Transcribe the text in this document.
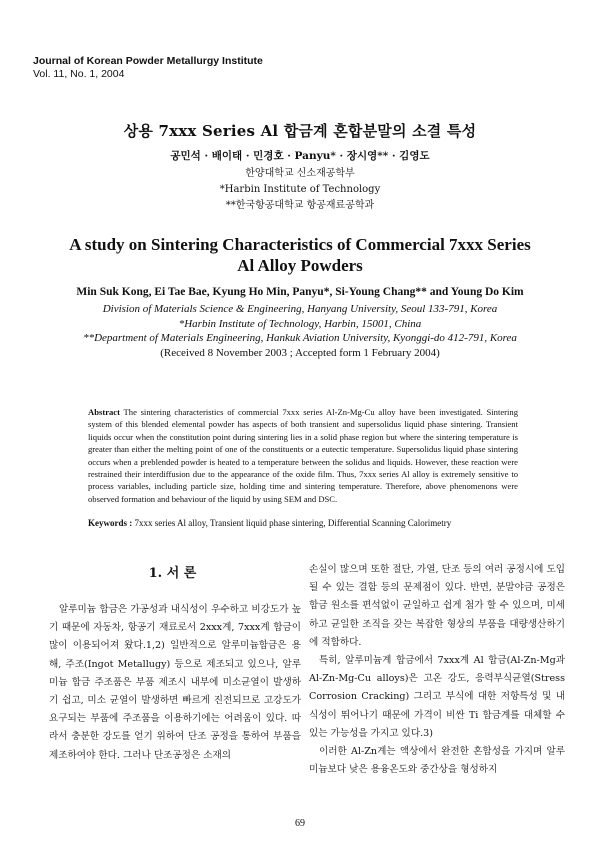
Journal of Korean Powder Metallurgy Institute
Vol. 11, No. 1, 2004
상용 7xxx Series Al 합금계 혼합분말의 소결 특성
공민석 · 배이태 · 민경호 · Panyu* · 장시영** · 김영도
한양대학교 신소재공학부
*Harbin Institute of Technology
**한국항공대학교 항공재료공학과
A study on Sintering Characteristics of Commercial 7xxx Series
Al Alloy Powders
Min Suk Kong, Ei Tae Bae, Kyung Ho Min, Panyu*, Si-Young Chang** and Young Do Kim
Division of Materials Science & Engineering, Hanyang University, Seoul 133-791, Korea
*Harbin Institute of Technology, Harbin, 15001, China
**Department of Materials Engineering, Hankuk Aviation University, Kyonggi-do 412-791, Korea
(Received 8 November 2003 ; Accepted form 1 February 2004)
Abstract The sintering characteristics of commercial 7xxx series Al-Zn-Mg-Cu alloy have been investigated. Sintering system of this blended elemental powder has aspects of both transient and supersolidus liquid phase sintering. Transient liquids occur when the constitution point during sintering lies in a solid phase region but where the sintering temperature is greater than either the melting point of one of the constituents or a eutectic temperature. Supersolidus liquid phase sintering occurs when a preblended powder is heated to a temperature between the solidus and liquids. However, these reaction were restrained their interdiffusion due to the appearance of the oxide film. Thus, 7xxx series Al alloy is extremely sensitive to process variables, including particle size, holding time and sintering temperature. Therefore, above phenomenons were observed formation and behaviour of the liquid by using SEM and DSC.
Keywords : 7xxx series Al alloy, Transient liquid phase sintering, Differential Scanning Calorimetry
1. 서 론

알루미늄 합금은 가공성과 내식성이 우수하고 비강도가 높기 때문에 자동차, 항공기 재료로서 2xxx계, 7xxx계 합금이 많이 이용되어져 왔다.1,2) 일반적으로 알루미늄합금은 용해, 주조(Ingot Metallugy) 등으로 제조되고 있으나, 알루미늄 합금 주조품은 부품 제조시 내부에 미소균열이 발생하기 쉽고, 미소 균열이 발생하면 빠르게 진전되므로 고강도가 요구되는 부품에 주조품을 이용하기에는 어려움이 있다. 따라서 충분한 강도를 얻기 위하여 단조 공정을 통하여 부품을 제조하여야 한다. 그러나 단조공정은 소재의

손실이 많으며 또한 절단, 가열, 단조 등의 여러 공정시에 도입될 수 있는 결함 등의 문제점이 있다. 반면, 분말야금 공정은 합금 원소를 편석없이 균일하고 쉽게 첨가 할 수 있으며, 미세하고 균일한 조직을 갖는 복잡한 형상의 부품을 대량생산하기에 적합하다.

특히, 알루미늄계 합금에서 7xxx계 Al 합금(Al-Zn-Mg과 Al-Zn-Mg-Cu alloys)은 고온 강도, 응력부식균열(Stress Corrosion Cracking) 그리고 부식에 대한 저항특성 및 내식성이 뛰어나기 때문에 가격이 비싼 Ti 합금계를 대체할 수 있는 가능성을 가지고 있다.3)

이러한 Al-Zn계는 액상에서 완전한 혼합성을 가지며 알루미늄보다 낮은 용융온도와 중간상을 형성하지

69
